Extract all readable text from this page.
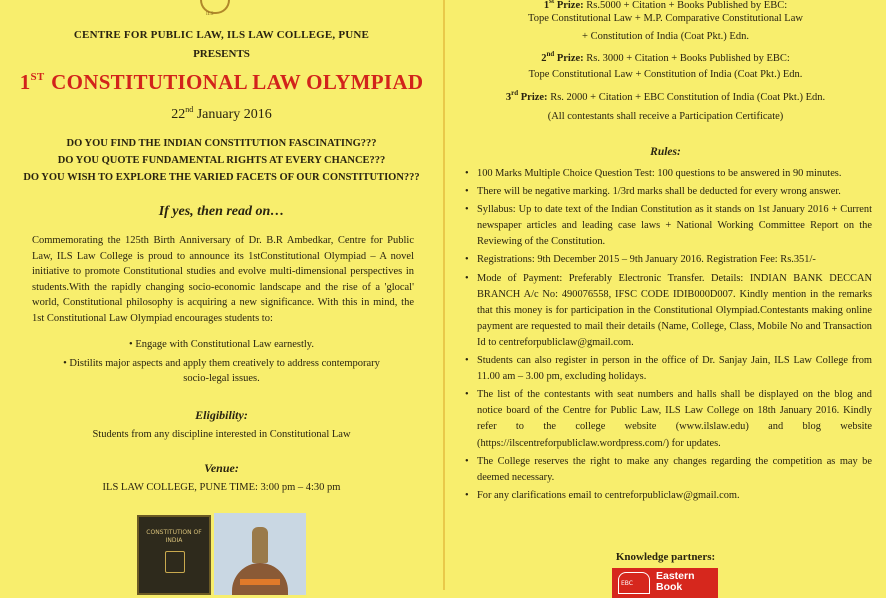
ILS
CENTRE FOR PUBLIC LAW, ILS LAW COLLEGE, PUNE
PRESENTS
1ST CONSTITUTIONAL LAW OLYMPIAD
22nd January 2016
DO YOU FIND THE INDIAN CONSTITUTION FASCINATING???
DO YOU QUOTE FUNDAMENTAL RIGHTS AT EVERY CHANCE???
DO YOU WISH TO EXPLORE THE VARIED FACETS OF OUR CONSTITUTION???
If yes, then read on…
Commemorating the 125th Birth Anniversary of Dr. B.R Ambedkar, Centre for Public Law, ILS Law College is proud to announce its 1stConstitutional Olympiad – A novel initiative to promote Constitutional studies and evolve multi-dimensional perspectives in students.With the rapidly changing socio-economic landscape and the rise of a 'glocal' world, Constitutional philosophy is acquiring a new significance. With this in mind, the 1st Constitutional Law Olympiad encourages students to:
• Engage with Constitutional Law earnestly.
• Distilits major aspects and apply them creatively to address contemporary
socio-legal issues.
Eligibility:
Students from any discipline interested in Constitutional Law
Venue:
ILS LAW COLLEGE, PUNE TIME: 3:00 pm – 4:30 pm
CONSTITUTION OF INDIA
1st Prize: Rs.5000 + Citation + Books Published by EBC:
Tope Constitutional Law + M.P. Comparative Constitutional Law
+ Constitution of India (Coat Pkt.) Edn.
2nd Prize: Rs. 3000 + Citation + Books Published by EBC:
Tope Constitutional Law + Constitution of India (Coat Pkt.) Edn.
3rd Prize: Rs. 2000 + Citation + EBC Constitution of India (Coat Pkt.) Edn.
(All contestants shall receive a Participation Certificate)
Rules:
• 100 Marks Multiple Choice Question Test: 100 questions to be answered in 90 minutes.
• There will be negative marking. 1/3rd marks shall be deducted for every wrong answer.
• Syllabus: Up to date text of the Indian Constitution as it stands on 1st January 2016 + Current newspaper articles and leading case laws + National Working Committee Report on the Reviewing of the Constitution.
• Registrations: 9th December 2015 – 9th January 2016. Registration Fee: Rs.351/-
• Mode of Payment: Preferably Electronic Transfer. Details: INDIAN BANK DECCAN BRANCH A/c No: 490076558, IFSC CODE IDIB000D007. Kindly mention in the remarks that this money is for participation in the Constitutional Olympiad.Contestants making online payment are requested to mail their details (Name, College, Class, Mobile No and Transaction Id to centreforpubliclaw@gmail.com.
• Students can also register in person in the office of Dr. Sanjay Jain, ILS Law College from 11.00 am – 3.00 pm, excluding holidays.
• The list of the contestants with seat numbers and halls shall be displayed on the blog and notice board of the Centre for Public Law, ILS Law College on 18th January 2016. Kindly refer to the college website (www.ilslaw.edu) and blog website (https://ilscentreforpubliclaw.wordpress.com/) for updates.
• The College reserves the right to make any changes regarding the competition as may be deemed necessary.
• For any clarifications email to centreforpubliclaw@gmail.com.
Knowledge partners:
EBC
Eastern
Book
